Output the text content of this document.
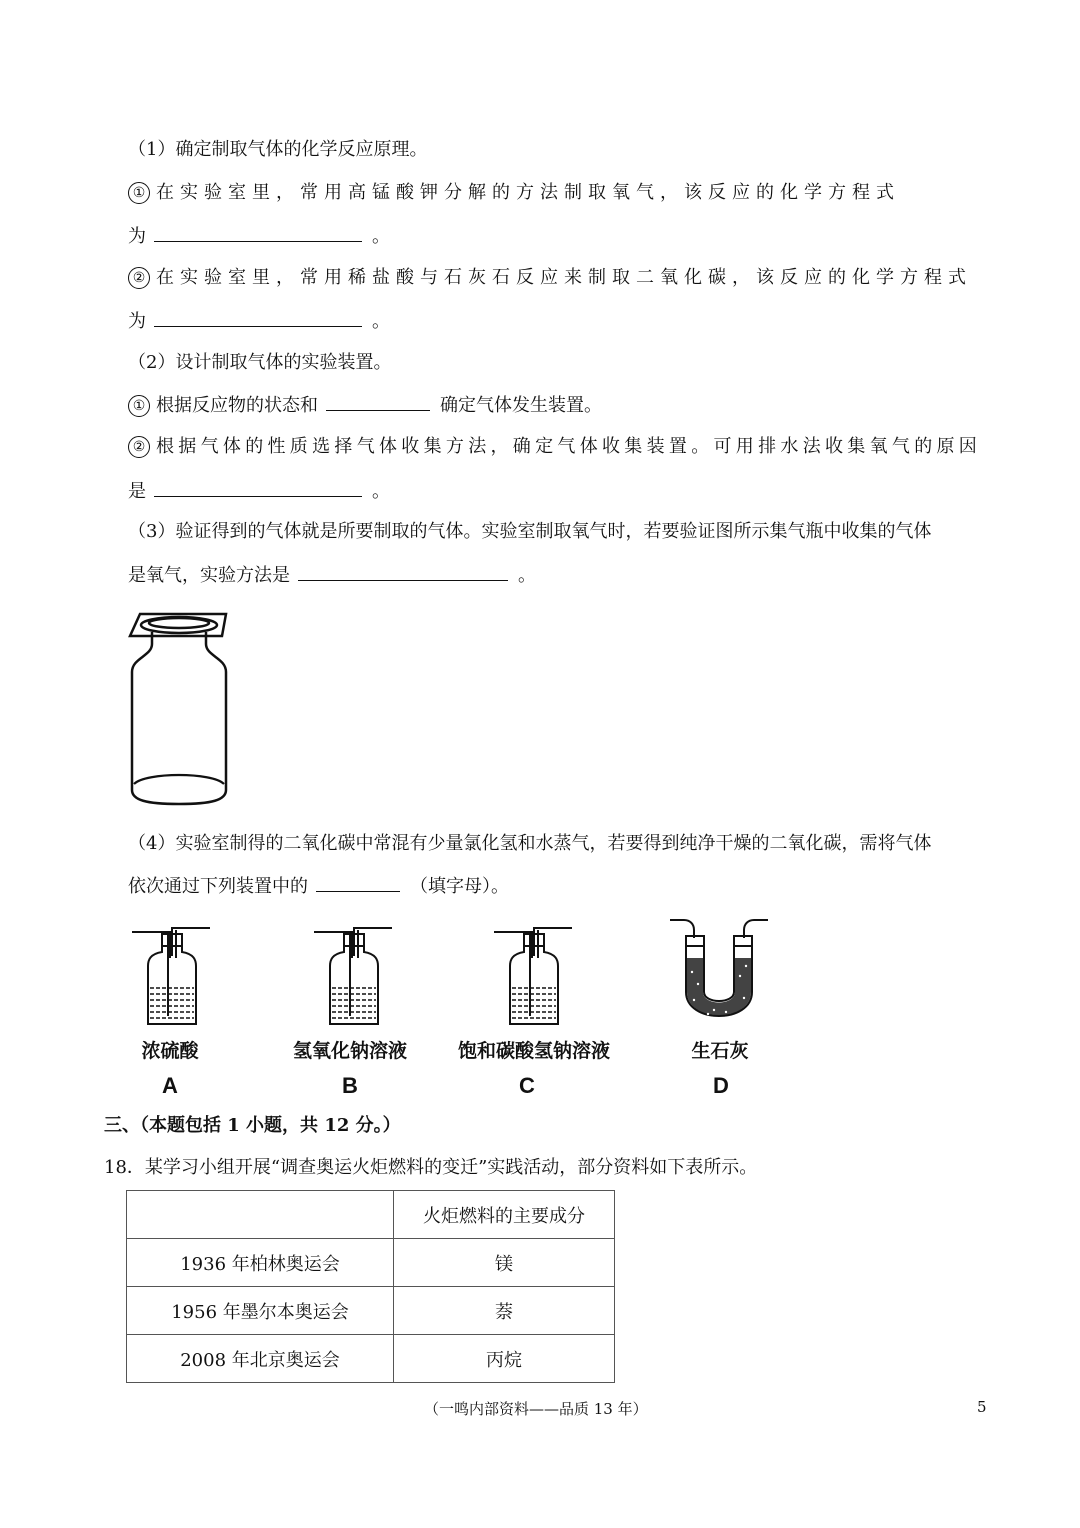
（1）确定制取气体的化学反应原理。
① 在实验室里，常用高锰酸钾分解的方法制取氧气，该反应的化学方程式
为	。
② 在实验室里，常用稀盐酸与石灰石反应来制取二氧化碳，该反应的化学方程式
为	。
（2）设计制取气体的实验装置。
① 根据反应物的状态和	确定气体发生装置。
② 根据气体的性质选择气体收集方法，确定气体收集装置。可用排水法收集氧气的原因
是	。
（3）验证得到的气体就是所要制取的气体。实验室制取氧气时，若要验证图所示集气瓶中收集的气体
是氧气，实验方法是	。
（4）实验室制得的二氧化碳中常混有少量氯化氢和水蒸气，若要得到纯净干燥的二氧化碳，需将气体
依次通过下列装置中的	（填字母）。
浓硫酸
A
氢氧化钠溶液
B
饱和碳酸氢钠溶液
C
生石灰
D
三、（本题包括 1 小题，共 12 分。）
18．某学习小组开展“调查奥运火炬燃料的变迁”实践活动，部分资料如下表所示。
	火炬燃料的主要成分
1936 年柏林奥运会	镁
1956 年墨尔本奥运会	萘
2008 年北京奥运会	丙烷
（一鸣内部资料——品质 13 年）	5
